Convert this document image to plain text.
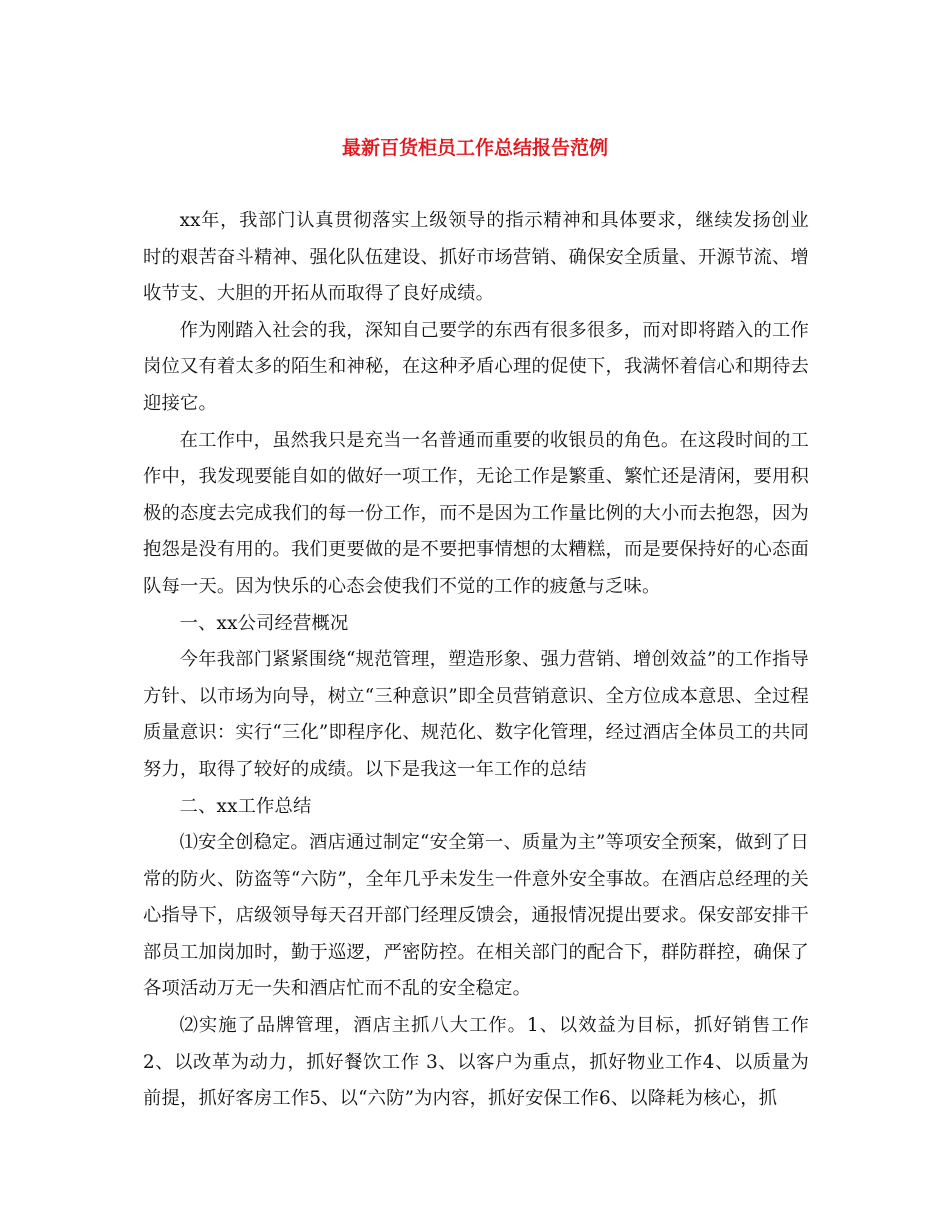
最新百货柜员工作总结报告范例

xx年，我部门认真贯彻落实上级领导的指示精神和具体要求，继续发扬创业时的艰苦奋斗精神、强化队伍建设、抓好市场营销、确保安全质量、开源节流、增收节支、大胆的开拓从而取得了良好成绩。

作为刚踏入社会的我，深知自己要学的东西有很多很多，而对即将踏入的工作岗位又有着太多的陌生和神秘，在这种矛盾心理的促使下，我满怀着信心和期待去迎接它。

在工作中，虽然我只是充当一名普通而重要的收银员的角色。在这段时间的工作中，我发现要能自如的做好一项工作，无论工作是繁重、繁忙还是清闲，要用积极的态度去完成我们的每一份工作，而不是因为工作量比例的大小而去抱怨，因为抱怨是没有用的。我们更要做的是不要把事情想的太糟糕，而是要保持好的心态面队每一天。因为快乐的心态会使我们不觉的工作的疲惫与乏味。

一、xx公司经营概况

今年我部门紧紧围绕“规范管理，塑造形象、强力营销、增创效益”的工作指导方针、以市场为向导，树立“三种意识”即全员营销意识、全方位成本意思、全过程质量意识：实行“三化”即程序化、规范化、数字化管理，经过酒店全体员工的共同努力，取得了较好的成绩。以下是我这一年工作的总结

二、xx工作总结

⑴安全创稳定。酒店通过制定“安全第一、质量为主”等项安全预案，做到了日常的防火、防盗等“六防”，全年几乎未发生一件意外安全事故。在酒店总经理的关心指导下，店级领导每天召开部门经理反馈会，通报情况提出要求。保安部安排干部员工加岗加时，勤于巡逻，严密防控。在相关部门的配合下，群防群控，确保了各项活动万无一失和酒店忙而不乱的安全稳定。

⑵实施了品牌管理，酒店主抓八大工作。1、以效益为目标，抓好销售工作2、以改革为动力，抓好餐饮工作 3、以客户为重点，抓好物业工作4、以质量为前提，抓好客房工作5、以“六防”为内容，抓好安保工作6、以降耗为核心，抓
